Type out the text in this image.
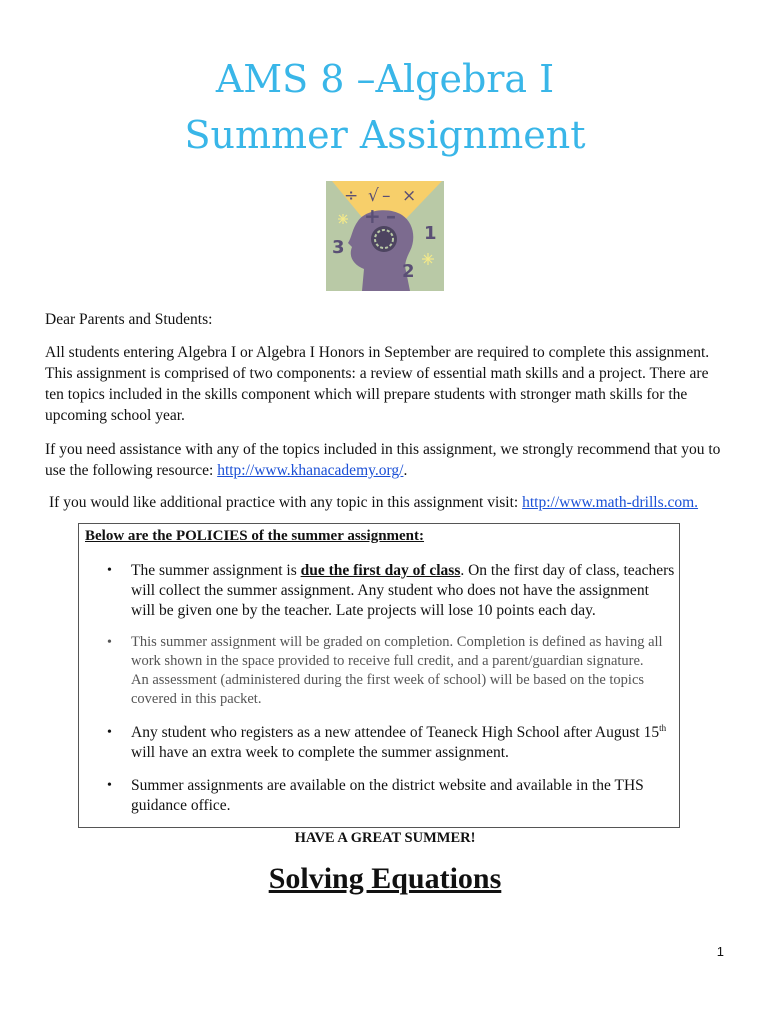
AMS 8 –Algebra I
Summer Assignment
÷ √ – ×
+ –
3
1
2

Dear Parents and Students:

All students entering Algebra I or Algebra I Honors in September are required to complete this assignment. This assignment is comprised of two components: a review of essential math skills and a project. There are ten topics included in the skills component which will prepare students with stronger math skills for the upcoming school year.

If you need assistance with any of the topics included in this assignment, we strongly recommend that you to use the following resource: http://www.khanacademy.org/.

If you would like additional practice with any topic in this assignment visit: http://www.math-drills.com.

Below are the POLICIES of the summer assignment:

• The summer assignment is due the first day of class. On the first day of class, teachers will collect the summer assignment. Any student who does not have the assignment will be given one by the teacher. Late projects will lose 10 points each day.

• This summer assignment will be graded on completion. Completion is defined as having all work shown in the space provided to receive full credit, and a parent/guardian signature.
An assessment (administered during the first week of school) will be based on the topics covered in this packet.

• Any student who registers as a new attendee of Teaneck High School after August 15th will have an extra week to complete the summer assignment.

• Summer assignments are available on the district website and available in the THS guidance office.

HAVE A GREAT SUMMER!

Solving Equations
1
